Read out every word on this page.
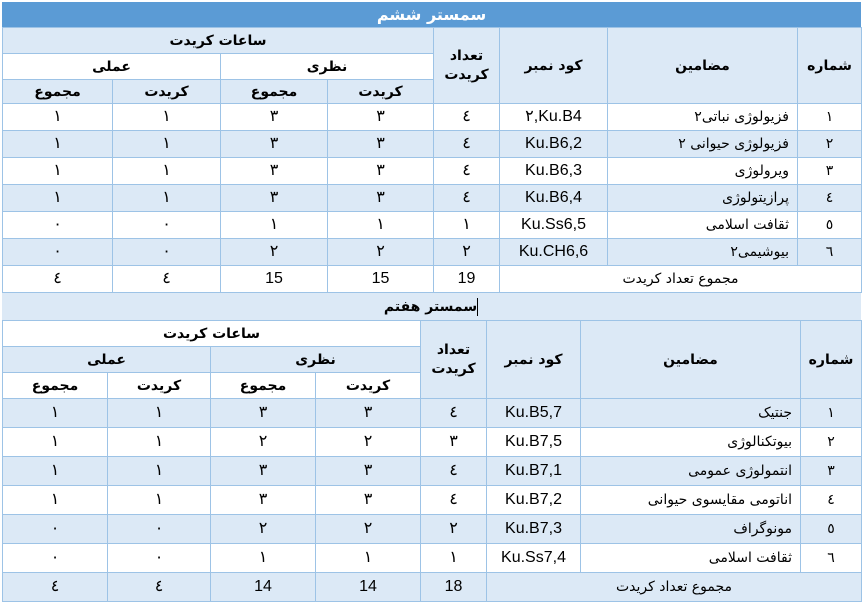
سمستر ششم
شماره	مضامین	کود نمبر	تعداد کریدت	ساعات کریدت			
				نظری		عملی	
				کریدت	مجموع	کریدت	مجموع
١	فزیولوژی نباتی٢	Ku.B4,٢	٤	٣	٣	١	١
٢	فزیولوژی حیوانی ٢	Ku.B6,2	٤	٣	٣	١	١
٣	ویرولوژی	Ku.B6,3	٤	٣	٣	١	١
٤	پرازیتولوژی	Ku.B6,4	٤	٣	٣	١	١
٥	ثقافت اسلامی	Ku.Ss6,5	١	١	١	٠	٠
٦	بیوشیمی٢	Ku.CH6,6	٢	٢	٢	٠	٠
مجموع تعداد کریدت			19	15	15	٤	٤
سمستر هفتم
شماره	مضامین	کود نمبر	تعداد کریدت	ساعات کریدت			
				نظری		عملی	
				کریدت	مجموع	کریدت	مجموع
١	جنتیک	Ku.B5,7	٤	٣	٣	١	١
٢	بیوتکنالوژی	Ku.B7,5	٣	٢	٢	١	١
٣	انتمولوژی عمومی	Ku.B7,1	٤	٣	٣	١	١
٤	اناتومی مقایسوی حیوانی	Ku.B7,2	٤	٣	٣	١	١
٥	مونوگراف	Ku.B7,3	٢	٢	٢	٠	٠
٦	ثقافت اسلامی	Ku.Ss7,4	١	١	١	٠	٠
مجموع تعداد کریدت			18	14	14	٤	٤
